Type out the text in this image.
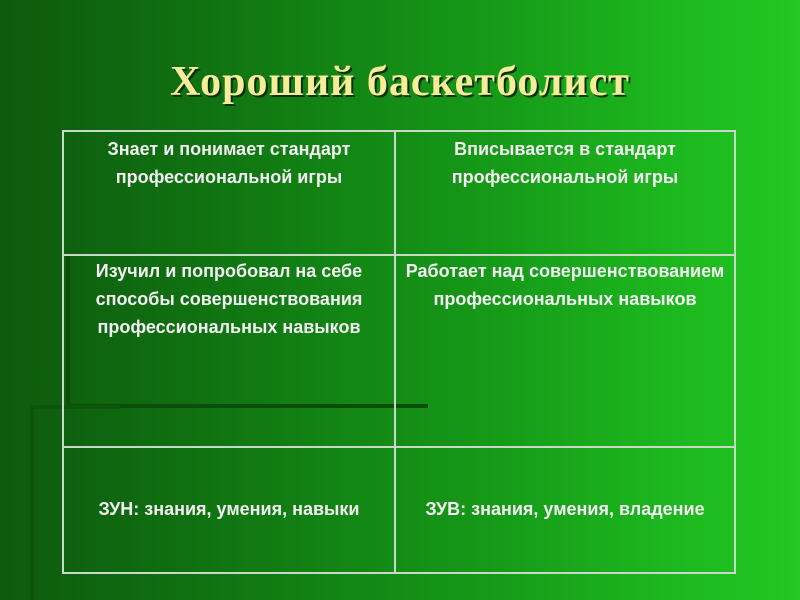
Хороший баскетболист
Знает и понимает стандарт профессиональной игры	Вписывается в стандарт профессиональной игры
Изучил и попробовал на себе способы совершенствования профессиональных навыков	Работает над совершенствованием профессиональных навыков
ЗУН: знания, умения, навыки	ЗУВ: знания, умения, владение
